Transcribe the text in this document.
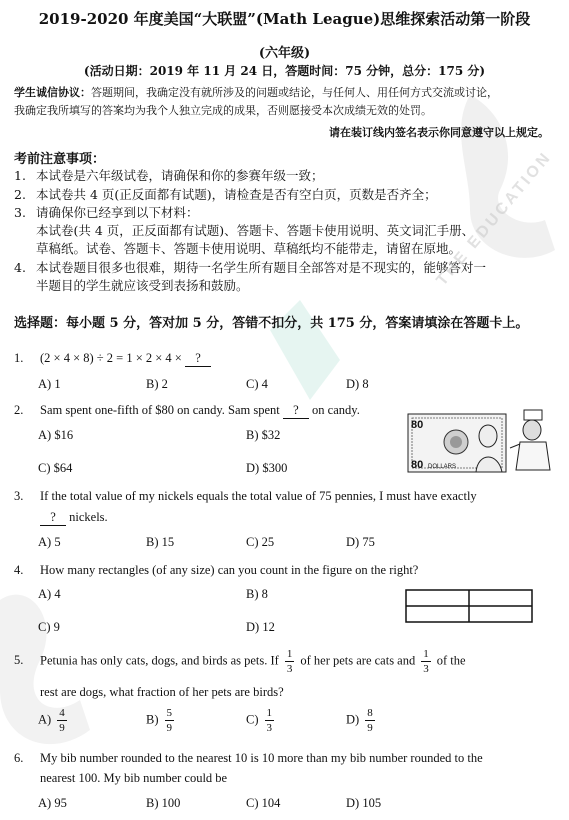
2019-2020 年度美国“大联盟”(Math League)思维探索活动第一阶段
(六年级)
(活动日期：2019 年 11 月 24 日，答题时间：75 分钟，总分：175 分)
学生诚信协议：答题期间，我确定没有就所涉及的问题或结论，与任何人、用任何方式交流或讨论，
我确定我所填写的答案均为我个人独立完成的成果，否则愿接受本次成绩无效的处罚。
请在装订线内签名表示你同意遵守以上规定。
考前注意事项：
1. 本试卷是六年级试卷，请确保和你的参赛年级一致；
2. 本试卷共 4 页(正反面都有试题)，请检查是否有空白页，页数是否齐全；
3. 请确保你已经享到以下材料：
本试卷(共 4 页，正反面都有试题)、答题卡、答题卡使用说明、英文词汇手册、
草稿纸。试卷、答题卡、答题卡使用说明、草稿纸均不能带走，请留在原地。
4. 本试卷题目很多也很难，期待一名学生所有题目全部答对是不现实的，能够答对一
半题目的学生就应该受到表扬和鼓励。
选择题：每小题 5 分，答对加 5 分，答错不扣分，共 175 分，答案请填涂在答题卡上。
1. (2 × 4 × 8) ÷ 2 = 1 × 2 × 4 × ?
A) 1	B) 2	C) 4	D) 8
2. Sam spent one-fifth of $80 on candy. Sam spent ? on candy.
A) $16	B) $32
C) $64	D) $300
80
80 DOLLARS
3. If the total value of my nickels equals the total value of 75 pennies, I must have exactly
? nickels.
A) 5	B) 15	C) 25	D) 75
4. How many rectangles (of any size) can you count in the figure on the right?
A) 4	B) 8
C) 9	D) 12
5. Petunia has only cats, dogs, and birds as pets. If $\frac{1}{3}$ of her pets are cats and $\frac{1}{3}$ of the
rest are dogs, what fraction of her pets are birds?
$A) \frac{4}{9}$	$B) \frac{5}{9}$	$C) \frac{1}{3}$	$D) \frac{8}{9}$
6. My bib number rounded to the nearest 10 is 10 more than my bib number rounded to the
nearest 100. My bib number could be
A) 95	B) 100	C) 104	D) 105
THE EDUCATION
